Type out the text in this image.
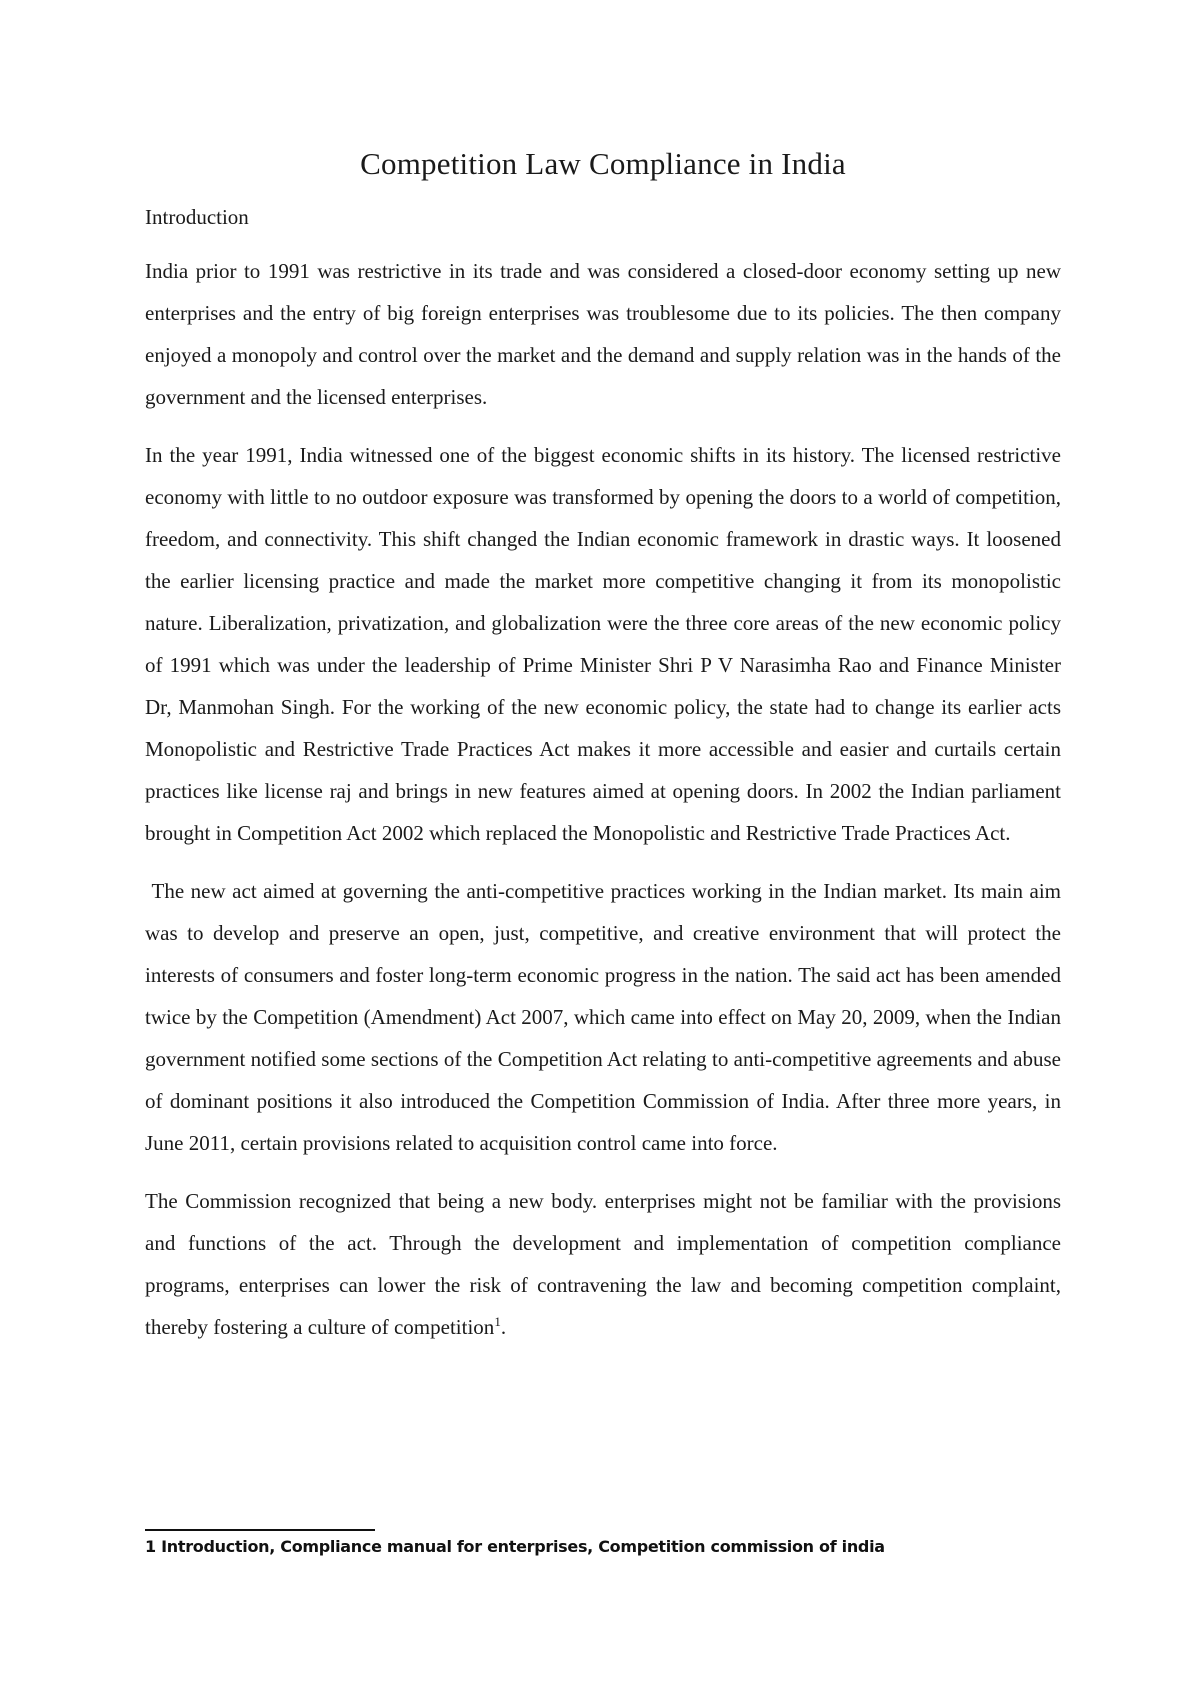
Competition Law Compliance in India
Introduction

India prior to 1991 was restrictive in its trade and was considered a closed-door economy setting up new enterprises and the entry of big foreign enterprises was troublesome due to its policies. The then company enjoyed a monopoly and control over the market and the demand and supply relation was in the hands of the government and the licensed enterprises.

In the year 1991, India witnessed one of the biggest economic shifts in its history. The licensed restrictive economy with little to no outdoor exposure was transformed by opening the doors to a world of competition, freedom, and connectivity. This shift changed the Indian economic framework in drastic ways. It loosened the earlier licensing practice and made the market more competitive changing it from its monopolistic nature. Liberalization, privatization, and globalization were the three core areas of the new economic policy of 1991 which was under the leadership of Prime Minister Shri P V Narasimha Rao and Finance Minister Dr, Manmohan Singh. For the working of the new economic policy, the state had to change its earlier acts Monopolistic and Restrictive Trade Practices Act makes it more accessible and easier and curtails certain practices like license raj and brings in new features aimed at opening doors. In 2002 the Indian parliament brought in Competition Act 2002 which replaced the Monopolistic and Restrictive Trade Practices Act.

The new act aimed at governing the anti-competitive practices working in the Indian market. Its main aim was to develop and preserve an open, just, competitive, and creative environment that will protect the interests of consumers and foster long-term economic progress in the nation. The said act has been amended twice by the Competition (Amendment) Act 2007, which came into effect on May 20, 2009, when the Indian government notified some sections of the Competition Act relating to anti-competitive agreements and abuse of dominant positions it also introduced the Competition Commission of India. After three more years, in June 2011, certain provisions related to acquisition control came into force.

The Commission recognized that being a new body. enterprises might not be familiar with the provisions and functions of the act. Through the development and implementation of competition compliance programs, enterprises can lower the risk of contravening the law and becoming competition complaint, thereby fostering a culture of competition$^1$.

1 Introduction, Compliance manual for enterprises, Competition commission of india
